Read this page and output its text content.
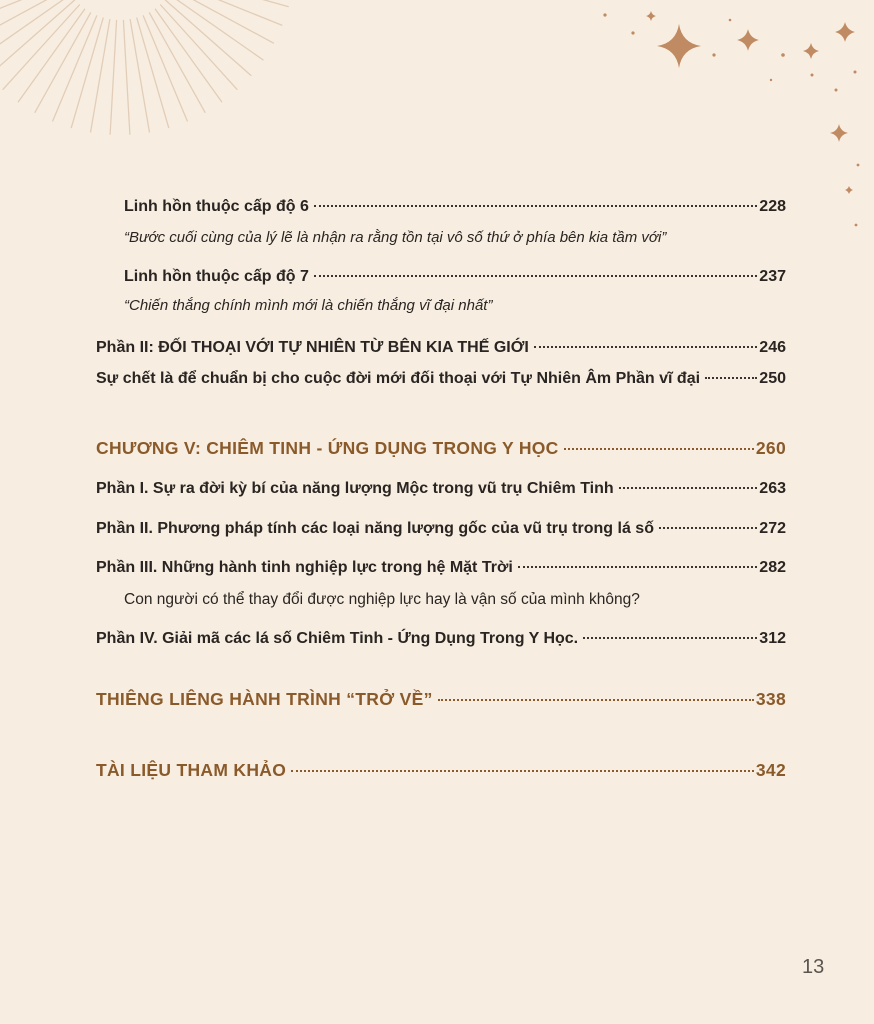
Linh hồn thuộc cấp độ 6	228
“Bước cuối cùng của lý lẽ là nhận ra rằng tồn tại vô số thứ ở phía bên kia tầm với”
Linh hồn thuộc cấp độ 7	237
“Chiến thắng chính mình mới là chiến thắng vĩ đại nhất”
Phần II: ĐỐI THOẠI VỚI TỰ NHIÊN TỪ BÊN KIA THẾ GIỚI	246
Sự chết là để chuẩn bị cho cuộc đời mới đối thoại với Tự Nhiên Âm Phần vĩ đại	250
CHƯƠNG V: CHIÊM TINH - ỨNG DỤNG TRONG Y HỌC	260
Phần I. Sự ra đời kỳ bí của năng lượng Mộc trong vũ trụ Chiêm Tinh	263
Phần II. Phương pháp tính các loại năng lượng gốc của vũ trụ trong lá số	272
Phần III. Những hành tinh nghiệp lực trong hệ Mặt Trời	282
Con người có thể thay đổi được nghiệp lực hay là vận số của mình không?
Phần IV. Giải mã các lá số Chiêm Tinh - Ứng Dụng Trong Y Học.	312
THIÊNG LIÊNG HÀNH TRÌNH “TRỞ VỀ”	338
TÀI LIỆU THAM KHẢO	342
13
